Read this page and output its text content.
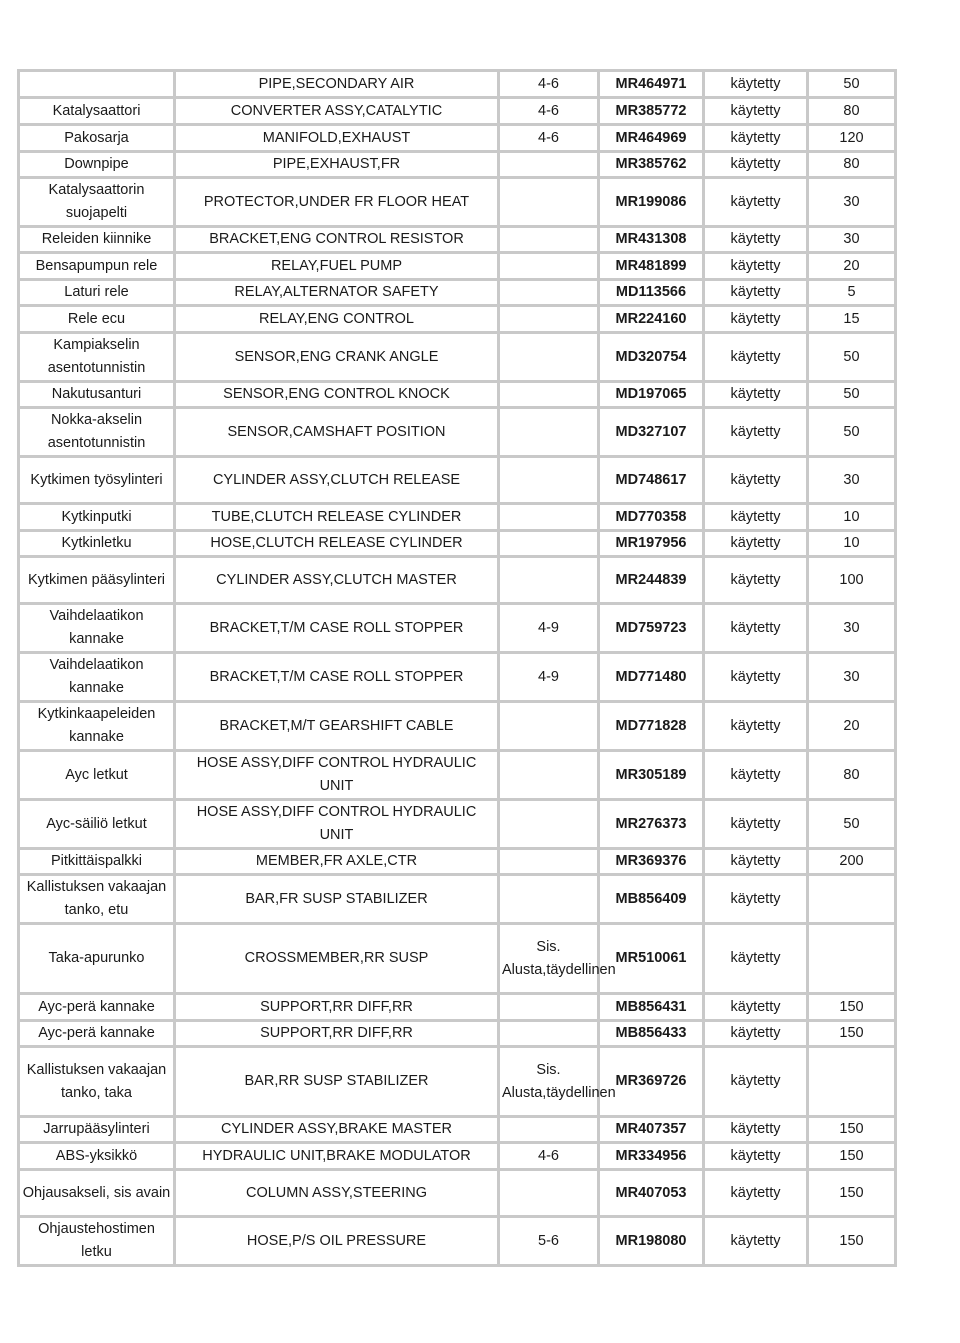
	PIPE,SECONDARY AIR	4-6	MR464971	käytetty	50
Katalysaattori	CONVERTER ASSY,CATALYTIC	4-6	MR385772	käytetty	80
Pakosarja	MANIFOLD,EXHAUST	4-6	MR464969	käytetty	120
Downpipe	PIPE,EXHAUST,FR		MR385762	käytetty	80
Katalysaattorin suojapelti	PROTECTOR,UNDER FR FLOOR HEAT		MR199086	käytetty	30
Releiden kiinnike	BRACKET,ENG CONTROL RESISTOR		MR431308	käytetty	30
Bensapumpun rele	RELAY,FUEL PUMP		MR481899	käytetty	20
Laturi rele	RELAY,ALTERNATOR SAFETY		MD113566	käytetty	5
Rele ecu	RELAY,ENG CONTROL		MR224160	käytetty	15
Kampiakselin asentotunnistin	SENSOR,ENG CRANK ANGLE		MD320754	käytetty	50
Nakutusanturi	SENSOR,ENG CONTROL KNOCK		MD197065	käytetty	50
Nokka-akselin asentotunnistin	SENSOR,CAMSHAFT POSITION		MD327107	käytetty	50
Kytkimen työsylinteri	CYLINDER ASSY,CLUTCH RELEASE		MD748617	käytetty	30
Kytkinputki	TUBE,CLUTCH RELEASE CYLINDER		MD770358	käytetty	10
Kytkinletku	HOSE,CLUTCH RELEASE CYLINDER		MR197956	käytetty	10
Kytkimen pääsylinteri	CYLINDER ASSY,CLUTCH MASTER		MR244839	käytetty	100
Vaihdelaatikon kannake	BRACKET,T/M CASE ROLL STOPPER	4-9	MD759723	käytetty	30
Vaihdelaatikon kannake	BRACKET,T/M CASE ROLL STOPPER	4-9	MD771480	käytetty	30
Kytkinkaapeleiden kannake	BRACKET,M/T GEARSHIFT CABLE		MD771828	käytetty	20
Ayc letkut	HOSE ASSY,DIFF CONTROL HYDRAULIC UNIT		MR305189	käytetty	80
Ayc-säiliö letkut	HOSE ASSY,DIFF CONTROL HYDRAULIC UNIT		MR276373	käytetty	50
Pitkittäispalkki	MEMBER,FR AXLE,CTR		MR369376	käytetty	200
Kallistuksen vakaajan tanko, etu	BAR,FR SUSP STABILIZER		MB856409	käytetty	
Taka-apurunko	CROSSMEMBER,RR SUSP	Sis. Alusta,täydellinen	MR510061	käytetty	
Ayc-perä kannake	SUPPORT,RR DIFF,RR		MB856431	käytetty	150
Ayc-perä kannake	SUPPORT,RR DIFF,RR		MB856433	käytetty	150
Kallistuksen vakaajan tanko, taka	BAR,RR SUSP STABILIZER	Sis. Alusta,täydellinen	MR369726	käytetty	
Jarrupääsylinteri	CYLINDER ASSY,BRAKE MASTER		MR407357	käytetty	150
ABS-yksikkö	HYDRAULIC UNIT,BRAKE MODULATOR	4-6	MR334956	käytetty	150
Ohjausakseli, sis avain	COLUMN ASSY,STEERING		MR407053	käytetty	150
Ohjaustehostimen letku	HOSE,P/S OIL PRESSURE	5-6	MR198080	käytetty	150
